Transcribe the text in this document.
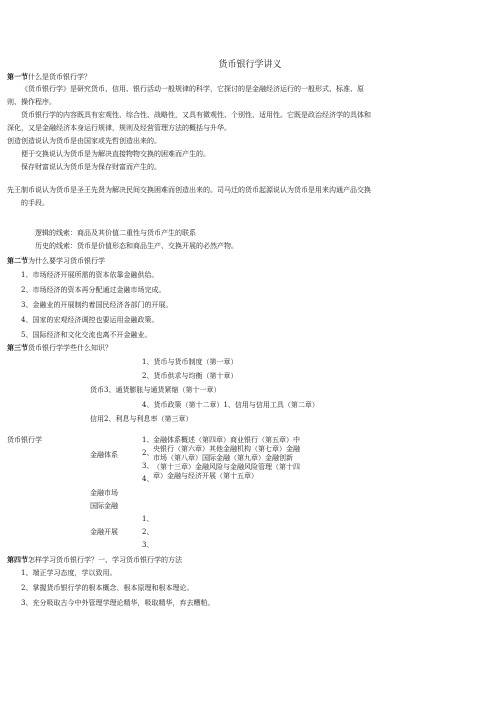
货币银行学讲义
第一节什么是货币银行学？
《货币银行学》是研究货币、信用、银行活动一般规律的科学，它探讨的是金融经济运行的一般形式、标准、原
则、操作程序。
货币银行学的内容既具有宏观性、综合性、战略性，又具有微观性、个别性、适用性。它既是政治经济学的具体和
深化，又是金融经济本身运行规律，规则及经营管理方法的概括与升华。
创造创造说认为货币是由国家或先哲创造出来的。
便于交换说认为货币是为解决直接物物交换的困难而产生的。
保存财富说认为货币是为保存财富而产生的。
先王制币说认为货币是圣王先贤为解决民间交换困难而创造出来的。司马迁的货币起源说认为货币是用来沟通产品交换
的手段。
逻辑的线索：商品及其价值二重性与货币产生的联系
历史的线索：货币是价值形态和商品生产、交换开展的必然产物。
第二节为什么要学习货币银行学
1、市场经济开展所需的资本依靠金融供给。
2、市场经济的资本再分配通过金融市场完成。
3、金融业的开展制约着国民经济各部门的开展。
4、国家的宏观经济调控也要运用金融政策。
5、国际经济和文化交流也离不开金融业。
第三节货币银行学学些什么知识？
1、货币与货币制度（第一章）
2、货币供求与均衡（第十章）
货币3、通货膨胀与通货紧缩（第十一章）
4、货币政策（第十二章）1、信用与信用工具（第二章）
信用2、利息与利息率（第三章）
货币银行学
金融体系
金融市场
国际金融
金融开展
1、
2、
3、
4、
1、
2、
3、
金融体系概述（第四章）商业银行（第五章）中央银行（第六章）其他金融机构（第七章）金融市场（第八章）国际金融（第九章）金融创新（第十三章）金融风险与金融风险管理（第十四章）金融与经济开展（第十五章）
第四节怎样学习货币银行学？一、学习货币银行学的方法
1、端正学习态度，学以致用。
2、掌握货币银行学的根本概念、根本原理和根本理论。
3、充分吸取古今中外管理学理论精华，吸取精华，弃去糟粕。
